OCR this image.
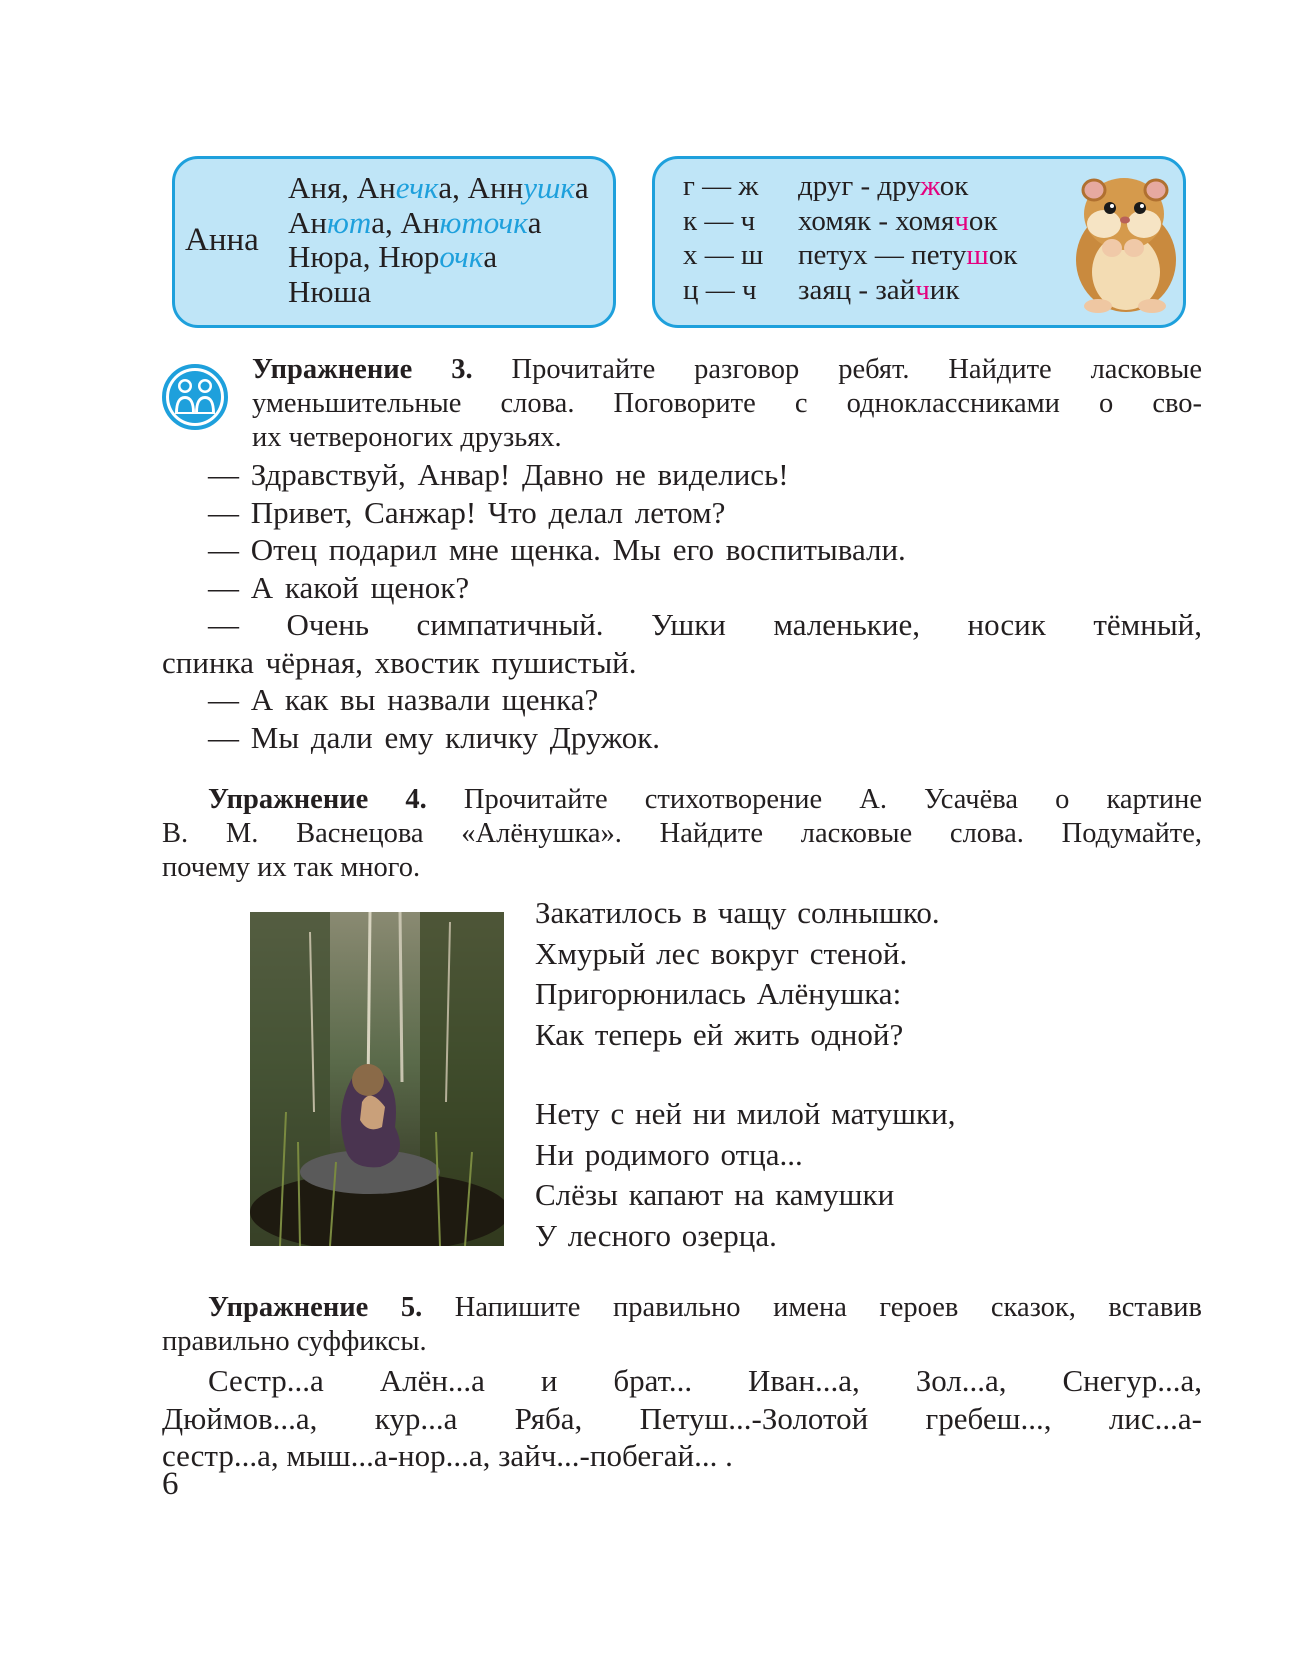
Анна
Аня, Анечка, Аннушка
Анюта, Анюточка
Нюра, Нюрочка
Нюша
г — ж	друг - дружок
к — ч	хомяк - хомячок
х — ш	петух — петушок
ц — ч	заяц - зайчик
Упражнение 3. Прочитайте разговор ребят. Найдите ласковые
уменьшительные слова. Поговорите с одноклассниками о сво-
их четвероногих друзьях.
— Здравствуй, Анвар! Давно не виделись!
— Привет, Санжар! Что делал летом?
— Отец подарил мне щенка. Мы его воспитывали.
— А какой щенок?
— Очень симпатичный. Ушки маленькие, носик тёмный,
спинка чёрная, хвостик пушистый.
— А как вы назвали щенка?
— Мы дали ему кличку Дружок.
Упражнение 4. Прочитайте стихотворение А. Усачёва о картине
В. М. Васнецова «Алёнушка». Найдите ласковые слова. Подумайте,
почему их так много.
Закатилось в чащу солнышко.
Хмурый лес вокруг стеной.
Пригорюнилась Алёнушка:
Как теперь ей жить одной?
Нету с ней ни милой матушки,
Ни родимого отца...
Слёзы капают на камушки
У лесного озерца.
Упражнение 5. Напишите правильно имена героев сказок, вставив
правильно суффиксы.
Сестр...а Алён...а и брат... Иван...а, Зол...а, Снегур...а,
Дюймов...а, кур...а Ряба, Петуш...-Золотой гребеш..., лис...а-
сестр...а, мыш...а-нор...а, зайч...-побегай... .
6
